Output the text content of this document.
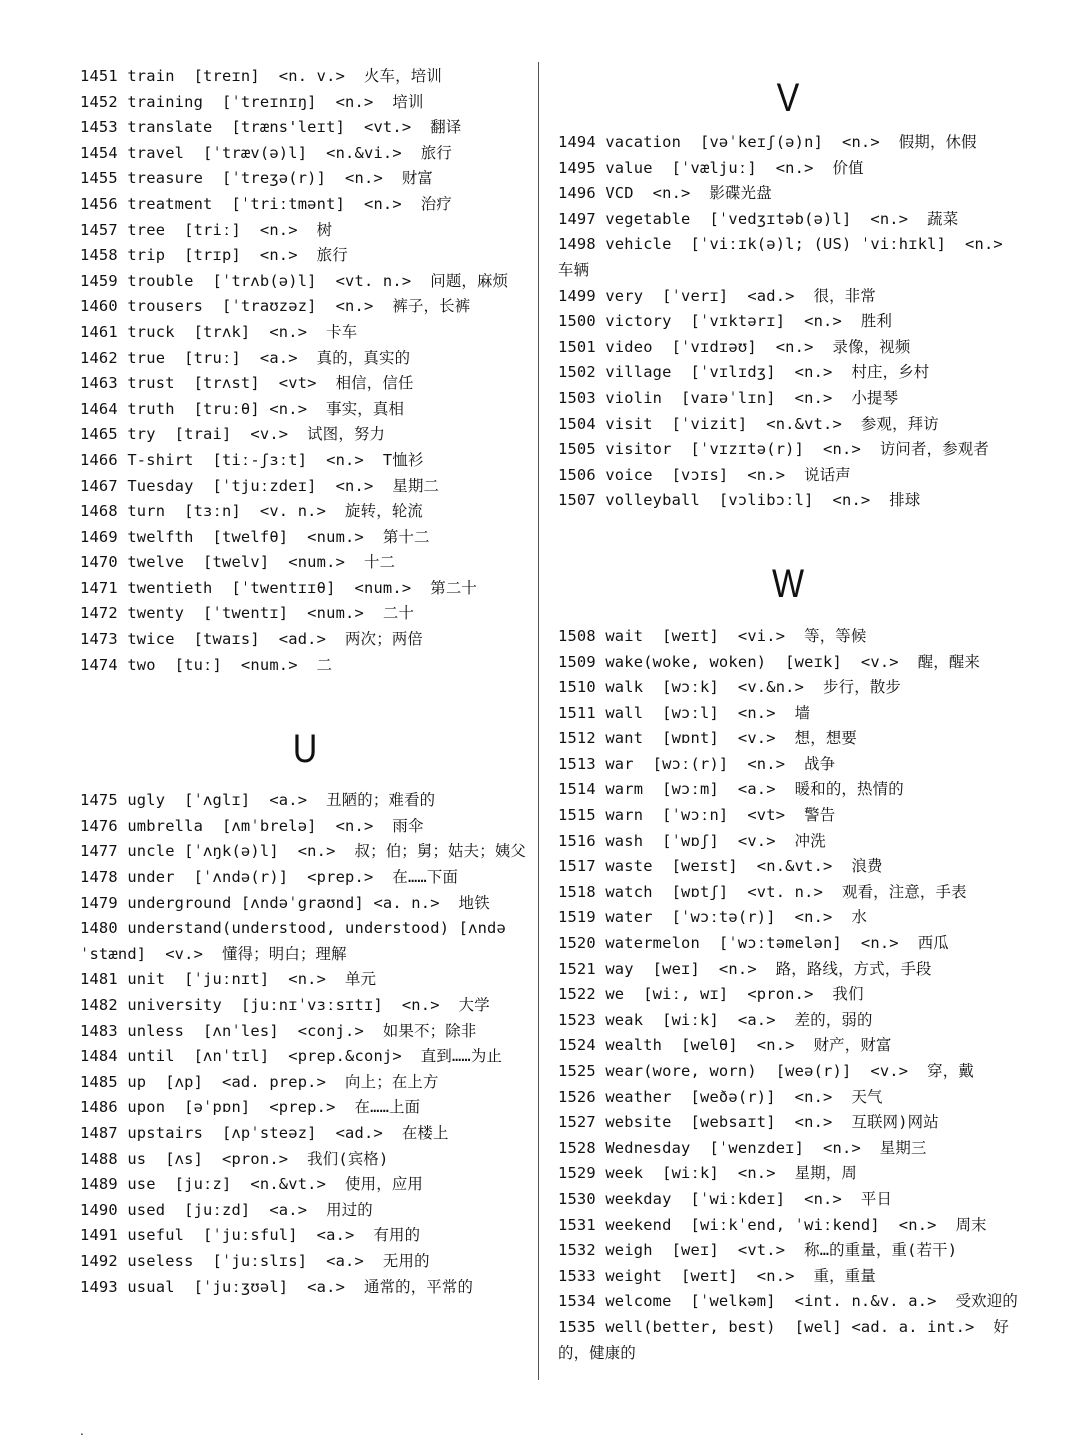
1451 train  [treɪn]  <n. v.>  火车，培训
1452 training  [ˈtreɪnɪŋ]  <n.>  培训
1453 translate  [træns'leɪt]  <vt.>  翻译
1454 travel  [ˈtræv(ə)l]  <n.&vi.>  旅行
1455 treasure  [ˈtreʒə(r)]  <n.>  财富
1456 treatment  [ˈtriːtmənt]  <n.>  治疗
1457 tree  [triː]  <n.>  树
1458 trip  [trɪp]  <n.>  旅行
1459 trouble  [ˈtrʌb(ə)l]  <vt. n.>  问题，麻烦
1460 trousers  [ˈtraʊzəz]  <n.>  裤子，长裤
1461 truck  [trʌk]  <n.>  卡车
1462 true  [truː]  <a.>  真的，真实的
1463 trust  [trʌst]  <vt>  相信，信任
1464 truth  [truːθ] <n.>  事实，真相
1465 try  [trai]  <v.>  试图，努力
1466 T-shirt  [tiː-ʃɜːt]  <n.>  T恤衫
1467 Tuesday  [ˈtjuːzdeɪ]  <n.>  星期二
1468 turn  [tɜːn]  <v. n.>  旋转，轮流
1469 twelfth  [twelfθ]  <num.>  第十二
1470 twelve  [twelv]  <num.>  十二
1471 twentieth  [ˈtwentɪɪθ]  <num.>  第二十
1472 twenty  [ˈtwentɪ]  <num.>  二十
1473 twice  [twaɪs]  <ad.>  两次；两倍
1474 two  [tuː]  <num.>  二
U
1475 ugly  [ˈʌglɪ]  <a.>  丑陋的；难看的
1476 umbrella  [ʌmˈbrelə]  <n.>  雨伞
1477 uncle [ˈʌŋk(ə)l]  <n.>  叔；伯；舅；姑夫；姨父
1478 under  [ˈʌndə(r)]  <prep.>  在……下面
1479 underground [ʌndəˈgraʊnd] <a. n.>  地铁
1480 understand(understood, understood) [ʌndəˈstænd]  <v.>  懂得；明白；理解
1481 unit  [ˈjuːnɪt]  <n.>  单元
1482 university  [juːnɪˈvɜːsɪtɪ]  <n.>  大学
1483 unless  [ʌnˈles]  <conj.>  如果不；除非
1484 until  [ʌnˈtɪl]  <prep.&conj>  直到……为止
1485 up  [ʌp]  <ad. prep.>  向上；在上方
1486 upon  [əˈpɒn]  <prep.>  在……上面
1487 upstairs  [ʌpˈsteəz]  <ad.>  在楼上
1488 us  [ʌs]  <pron.>  我们(宾格)
1489 use  [juːz]  <n.&vt.>  使用，应用
1490 used  [juːzd]  <a.>  用过的
1491 useful  [ˈjuːsful]  <a.>  有用的
1492 useless  [ˈjuːslɪs]  <a.>  无用的
1493 usual  [ˈjuːʒʊəl]  <a.>  通常的，平常的
V
1494 vacation  [vəˈkeɪʃ(ə)n]  <n.>  假期，休假
1495 value  [ˈvæljuː]  <n.>  价值
1496 VCD  <n.>  影碟光盘
1497 vegetable  [ˈvedʒɪtəb(ə)l]  <n.>  蔬菜
1498 vehicle  [ˈviːɪk(ə)l; (US) ˈviːhɪkl]  <n.> 车辆
1499 very  [ˈverɪ]  <ad.>  很，非常
1500 victory  [ˈvɪktərɪ]  <n.>  胜利
1501 video  [ˈvɪdɪəʊ]  <n.>  录像，视频
1502 village  [ˈvɪlɪdʒ]  <n.>  村庄，乡村
1503 violin  [vaɪəˈlɪn]  <n.>  小提琴
1504 visit  [ˈvizit]  <n.&vt.>  参观，拜访
1505 visitor  [ˈvɪzɪtə(r)]  <n.>  访问者，参观者
1506 voice  [vɔɪs]  <n.>  说话声
1507 volleyball  [vɔlibɔːl]  <n.>  排球
W
1508 wait  [weɪt]  <vi.>  等，等候
1509 wake(woke, woken)  [weɪk]  <v.>  醒，醒来
1510 walk  [wɔːk]  <v.&n.>  步行，散步
1511 wall  [wɔːl]  <n.>  墙
1512 want  [wɒnt]  <v.>  想，想要
1513 war  [wɔː(r)]  <n.>  战争
1514 warm  [wɔːm]  <a.>  暖和的，热情的
1515 warn  [ˈwɔːn]  <vt>  警告
1516 wash  [ˈwɒʃ]  <v.>  冲洗
1517 waste  [weɪst]  <n.&vt.>  浪费
1518 watch  [wɒtʃ]  <vt. n.>  观看，注意，手表
1519 water  [ˈwɔːtə(r)]  <n.>  水
1520 watermelon  [ˈwɔːtəmelən]  <n.>  西瓜
1521 way  [weɪ]  <n.>  路，路线，方式，手段
1522 we  [wiː, wɪ]  <pron.>  我们
1523 weak  [wiːk]  <a.>  差的，弱的
1524 wealth  [welθ]  <n.>  财产，财富
1525 wear(wore, worn)  [weə(r)]  <v.>  穿，戴
1526 weather  [weðə(r)]  <n.>  天气
1527 website  [websaɪt]  <n.>  互联网)网站
1528 Wednesday  [ˈwenzdeɪ]  <n.>  星期三
1529 week  [wiːk]  <n.>  星期，周
1530 weekday  [ˈwiːkdeɪ]  <n.>  平日
1531 weekend  [wiːkˈend, ˈwiːkend]  <n.>  周末
1532 weigh  [weɪ]  <vt.>  称…的重量，重(若干)
1533 weight  [weɪt]  <n.>  重，重量
1534 welcome  [ˈwelkəm]  <int. n.&v. a.>  受欢迎的
1535 well(better, best)  [wel] <ad. a. int.>  好的，健康的
.
